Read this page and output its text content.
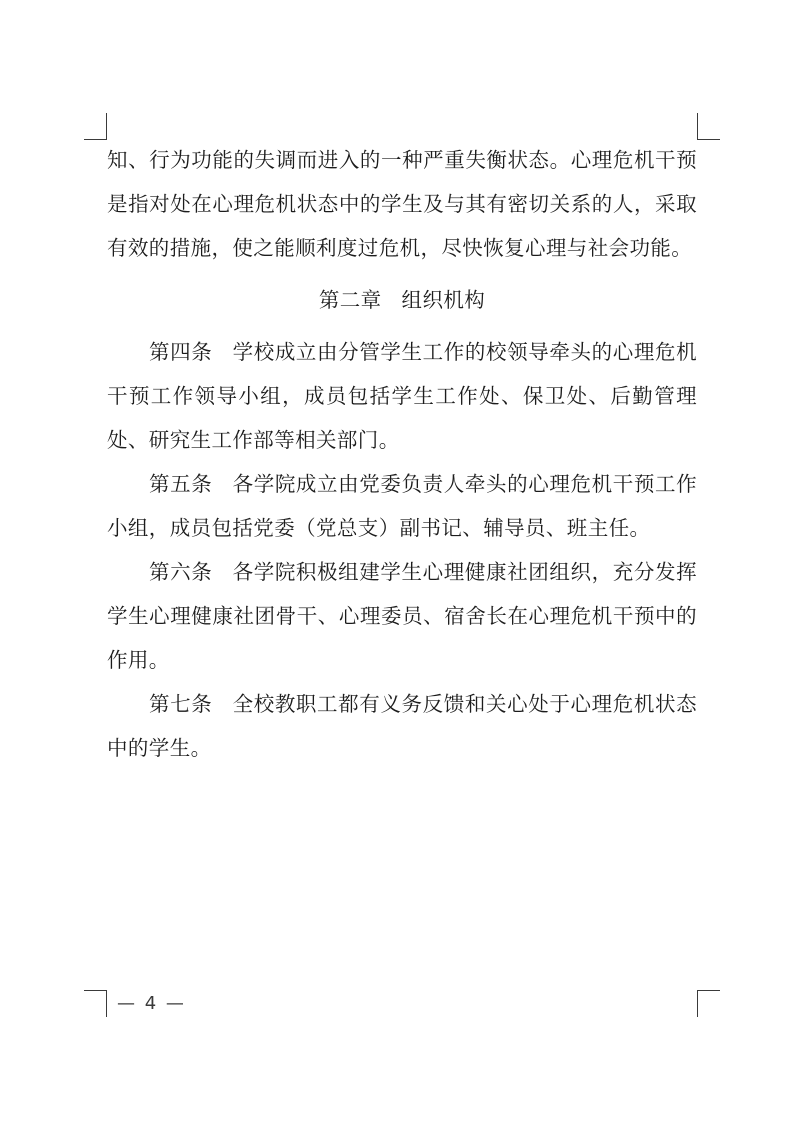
知、行为功能的失调而进入的一种严重失衡状态。心理危机干预是指对处在心理危机状态中的学生及与其有密切关系的人，采取有效的措施，使之能顺利度过危机，尽快恢复心理与社会功能。

第二章 组织机构

第四条 学校成立由分管学生工作的校领导牵头的心理危机干预工作领导小组，成员包括学生工作处、保卫处、后勤管理处、研究生工作部等相关部门。

第五条 各学院成立由党委负责人牵头的心理危机干预工作小组，成员包括党委（党总支）副书记、辅导员、班主任。

第六条 各学院积极组建学生心理健康社团组织，充分发挥学生心理健康社团骨干、心理委员、宿舍长在心理危机干预中的作用。

第七条 全校教职工都有义务反馈和关心处于心理危机状态中的学生。

— 4 —
